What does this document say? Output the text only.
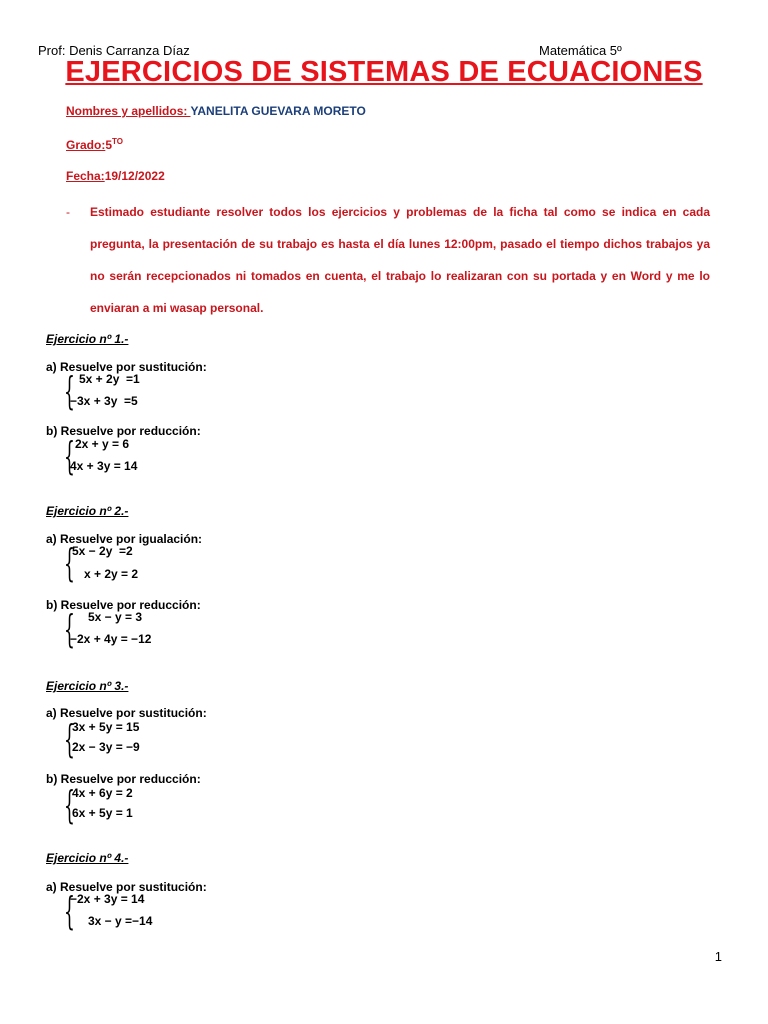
Prof: Denis Carranza Díaz	Matemática 5º
EJERCICIOS DE SISTEMAS DE ECUACIONES
Nombres y apellidos: YANELITA GUEVARA MORETO
$Grado:5^{TO}$
Fecha:19/12/2022
- Estimado estudiante resolver todos los ejercicios y problemas de la ficha tal como se indica en cada pregunta, la presentación de su trabajo es hasta el día lunes 12:00pm, pasado el tiempo dichos trabajos ya no serán recepcionados ni tomados en cuenta, el trabajo lo realizaran con su portada y en Word y me lo enviaran a mi wasap personal.
Ejercicio nº 1.-
a) Resuelve por sustitución:
{ 5x + 2y  =1
−3x + 3y  =5
b) Resuelve por reducción:
{ 2x + y = 6
4x + 3y = 14
Ejercicio nº 2.-
a) Resuelve por igualación:
{
5x − 2y  =2
x + 2y = 2
b) Resuelve por reducción:
{ 5x − y = 3
−2x + 4y = −12
Ejercicio nº 3.-
a) Resuelve por sustitución:
{
3x + 5y = 15
2x − 3y = −9
b) Resuelve por reducción:
{
4x + 6y = 2
6x + 5y = 1
Ejercicio nº 4.-
a) Resuelve por sustitución:
{
−2x + 3y = 14
3x − y =−14
1
